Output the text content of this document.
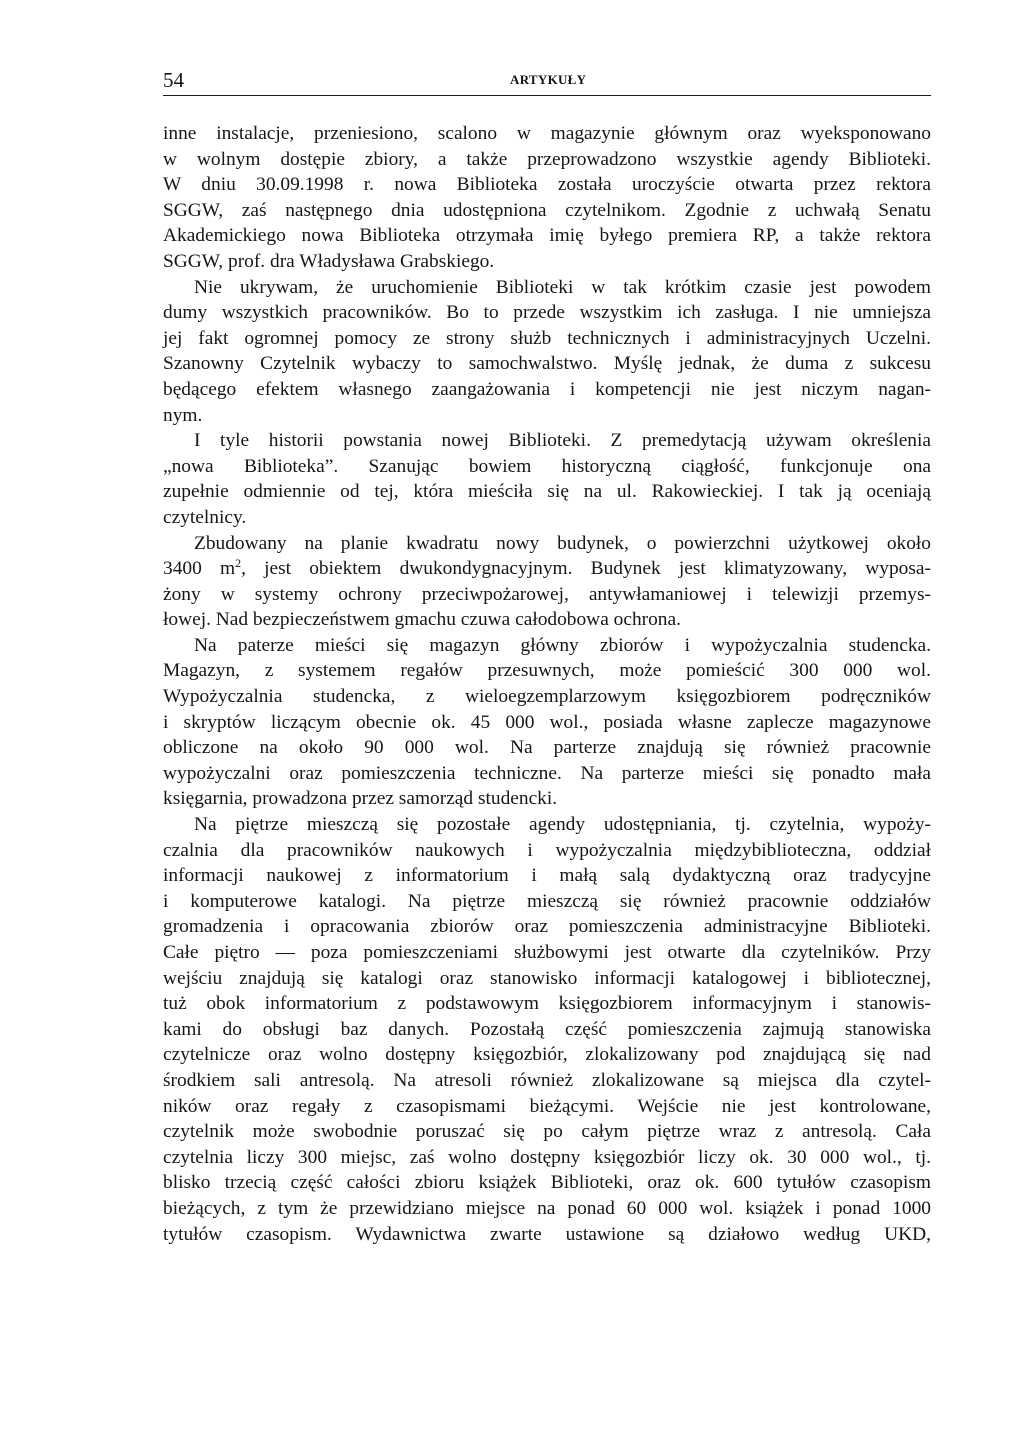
54	ARTYKUŁY
inne instalacje, przeniesiono, scalono w magazynie głównym oraz wyeksponowano
w wolnym dostępie zbiory, a także przeprowadzono wszystkie agendy Biblioteki.
W dniu 30.09.1998 r. nowa Biblioteka została uroczyście otwarta przez rektora
SGGW, zaś następnego dnia udostępniona czytelnikom. Zgodnie z uchwałą Senatu
Akademickiego nowa Biblioteka otrzymała imię byłego premiera RP, a także rektora
SGGW, prof. dra Władysława Grabskiego.
Nie ukrywam, że uruchomienie Biblioteki w tak krótkim czasie jest powodem
dumy wszystkich pracowników. Bo to przede wszystkim ich zasługa. I nie umniejsza
jej fakt ogromnej pomocy ze strony służb technicznych i administracyjnych Uczelni.
Szanowny Czytelnik wybaczy to samochwalstwo. Myślę jednak, że duma z sukcesu
będącego efektem własnego zaangażowania i kompetencji nie jest niczym nagan-
nym.
I tyle historii powstania nowej Biblioteki. Z premedytacją używam określenia
„nowa Biblioteka”. Szanując bowiem historyczną ciągłość, funkcjonuje ona
zupełnie odmiennie od tej, która mieściła się na ul. Rakowieckiej. I tak ją oceniają
czytelnicy.
Zbudowany na planie kwadratu nowy budynek, o powierzchni użytkowej około
3400 $m^2$, jest obiektem dwukondygnacyjnym. Budynek jest klimatyzowany, wyposa-
żony w systemy ochrony przeciwpożarowej, antywłamaniowej i telewizji przemys-
łowej. Nad bezpieczeństwem gmachu czuwa całodobowa ochrona.
Na paterze mieści się magazyn główny zbiorów i wypożyczalnia studencka.
Magazyn, z systemem regałów przesuwnych, może pomieścić 300 000 wol.
Wypożyczalnia studencka, z wieloegzemplarzowym księgozbiorem podręczników
i skryptów liczącym obecnie ok. 45 000 wol., posiada własne zaplecze magazynowe
obliczone na około 90 000 wol. Na parterze znajdują się również pracownie
wypożyczalni oraz pomieszczenia techniczne. Na parterze mieści się ponadto mała
księgarnia, prowadzona przez samorząd studencki.
Na piętrze mieszczą się pozostałe agendy udostępniania, tj. czytelnia, wypoży-
czalnia dla pracowników naukowych i wypożyczalnia międzybiblioteczna, oddział
informacji naukowej z informatorium i małą salą dydaktyczną oraz tradycyjne
i komputerowe katalogi. Na piętrze mieszczą się również pracownie oddziałów
gromadzenia i opracowania zbiorów oraz pomieszczenia administracyjne Biblioteki.
Całe piętro — poza pomieszczeniami służbowymi jest otwarte dla czytelników. Przy
wejściu znajdują się katalogi oraz stanowisko informacji katalogowej i bibliotecznej,
tuż obok informatorium z podstawowym księgozbiorem informacyjnym i stanowis-
kami do obsługi baz danych. Pozostałą część pomieszczenia zajmują stanowiska
czytelnicze oraz wolno dostępny księgozbiór, zlokalizowany pod znajdującą się nad
środkiem sali antresolą. Na atresoli również zlokalizowane są miejsca dla czytel-
ników oraz regały z czasopismami bieżącymi. Wejście nie jest kontrolowane,
czytelnik może swobodnie poruszać się po całym piętrze wraz z antresolą. Cała
czytelnia liczy 300 miejsc, zaś wolno dostępny księgozbiór liczy ok. 30 000 wol., tj.
blisko trzecią część całości zbioru książek Biblioteki, oraz ok. 600 tytułów czasopism
bieżących, z tym że przewidziano miejsce na ponad 60 000 wol. książek i ponad 1000
tytułów czasopism. Wydawnictwa zwarte ustawione są działowo według UKD,
